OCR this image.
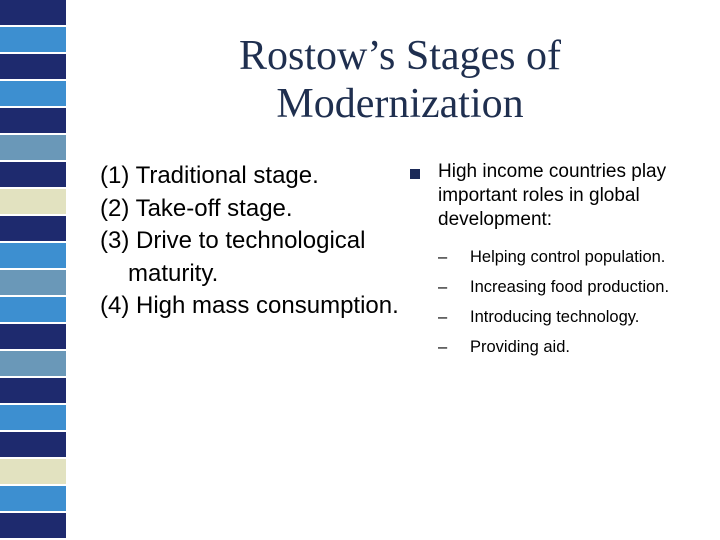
Rostow’s Stages of
Modernization
(1) Traditional stage.
(2) Take-off stage.
(3) Drive to technological maturity.
(4) High mass consumption.
High income countries play important roles in global development:
– Helping control population.
– Increasing food production.
– Introducing technology.
– Providing aid.
